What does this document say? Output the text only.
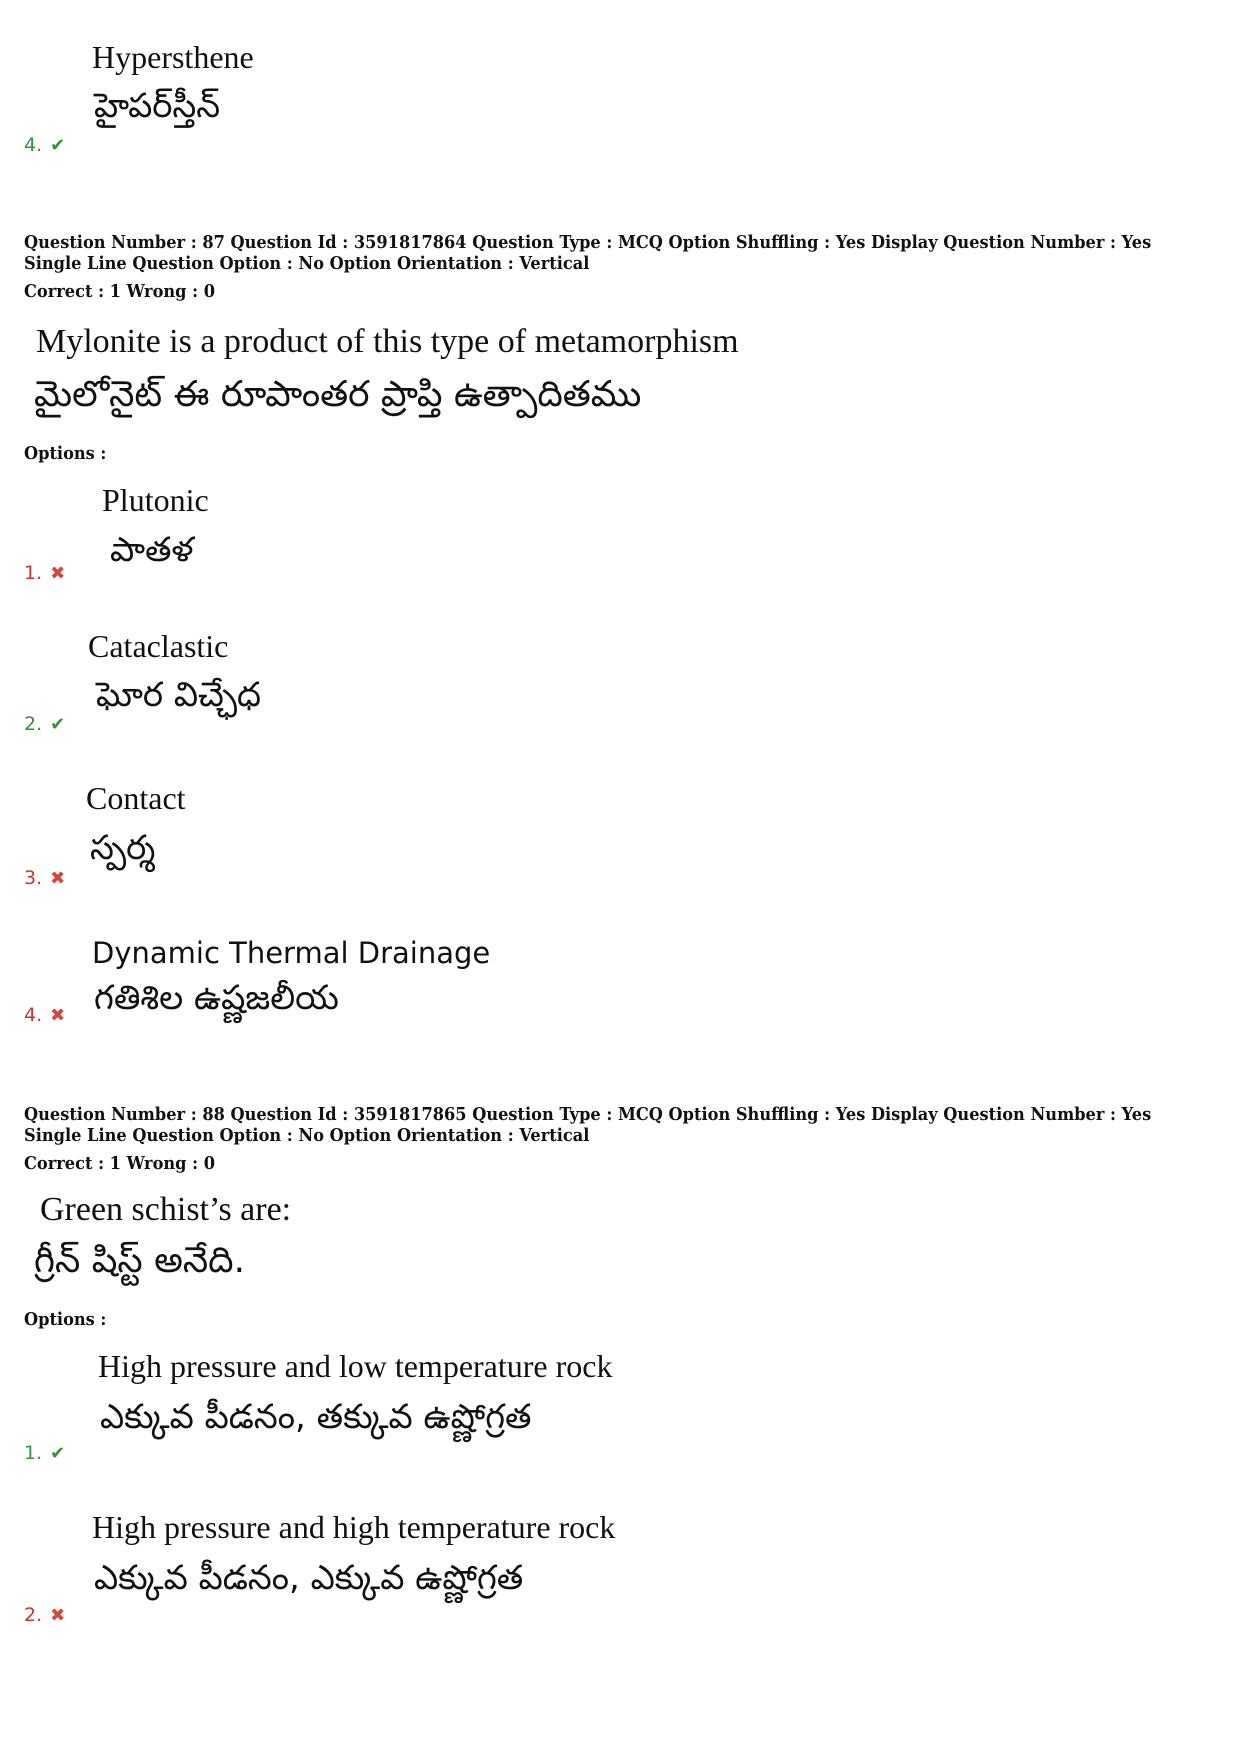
Hypersthene
హైపర్‌స్తీన్
4. ✔
Question Number : 87 Question Id : 3591817864 Question Type : MCQ Option Shuffling : Yes Display Question Number : Yes
Single Line Question Option : No Option Orientation : Vertical
Correct : 1 Wrong : 0
Mylonite is a product of this type of metamorphism
మైలోనైట్ ఈ రూపాంతర ప్రాప్తి ఉత్పాదితము
Options :
Plutonic
పాతళ
1. ✖
Cataclastic
ఘోర విచ్ఛేధ
2. ✔
Contact
స్పర్శ
3. ✖
Dynamic Thermal Drainage
గతిశిల ఉష్ణజలీయ
4. ✖
Question Number : 88 Question Id : 3591817865 Question Type : MCQ Option Shuffling : Yes Display Question Number : Yes
Single Line Question Option : No Option Orientation : Vertical
Correct : 1 Wrong : 0
Green schist’s are:
గ్రీన్ షిస్ట్ అనేది.
Options :
High pressure and low temperature rock
ఎక్కువ పీడనం, తక్కువ ఉష్ణోగ్రత
1. ✔
High pressure and high temperature rock
ఎక్కువ పీడనం, ఎక్కువ ఉష్ణోగ్రత
2. ✖
